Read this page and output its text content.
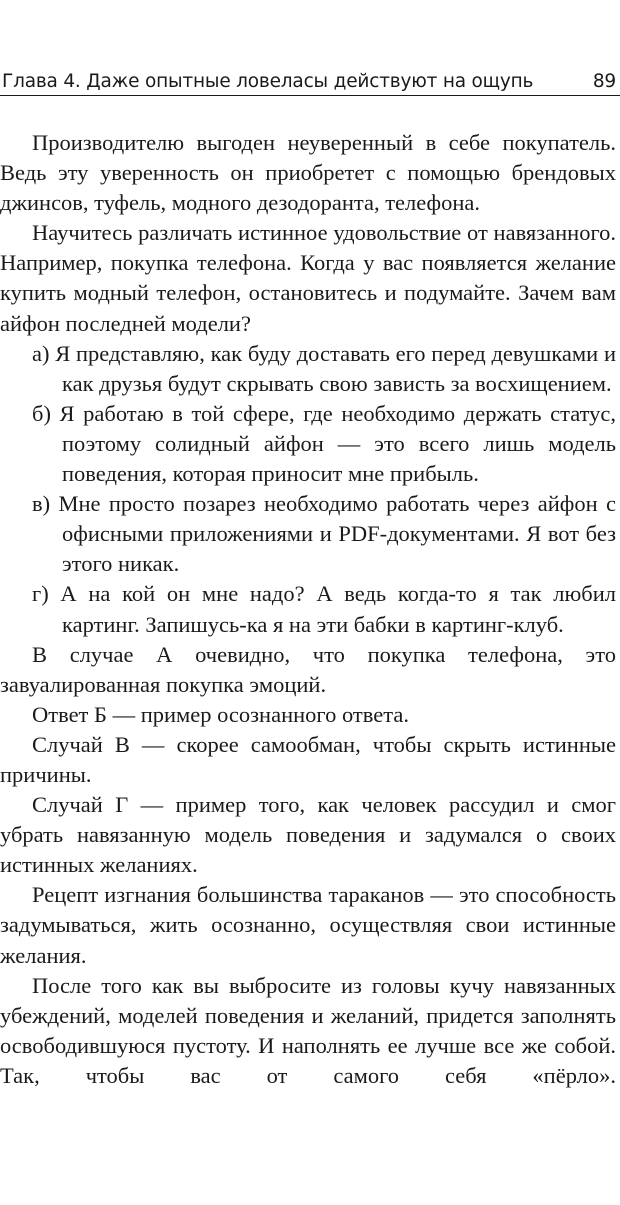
Глава 4. Даже опытные ловеласы действуют на ощупь	89

Производителю выгоден неуверенный в себе покупатель. Ведь эту уверенность он приобретет с помощью брендовых джинсов, туфель, модного дезодоранта, телефона.

Научитесь различать истинное удовольствие от навязанного. Например, покупка телефона. Когда у вас появляется желание купить модный телефон, остановитесь и подумайте. Зачем вам айфон последней модели?

а) Я представляю, как буду доставать его перед девушками и как друзья будут скрывать свою зависть за восхищением.

б) Я работаю в той сфере, где необходимо держать статус, поэтому солидный айфон — это всего лишь модель поведения, которая приносит мне прибыль.

в) Мне просто позарез необходимо работать через айфон с офисными приложениями и PDF-документами. Я вот без этого никак.

г) А на кой он мне надо? А ведь когда-то я так любил картинг. Запишусь-ка я на эти бабки в картинг-клуб.

В случае А очевидно, что покупка телефона, это завуалированная покупка эмоций.

Ответ Б — пример осознанного ответа.

Случай В — скорее самообман, чтобы скрыть истинные причины.

Случай Г — пример того, как человек рассудил и смог убрать навязанную модель поведения и задумался о своих истинных желаниях.

Рецепт изгнания большинства тараканов — это способность задумываться, жить осознанно, осуществляя свои истинные желания.

После того как вы выбросите из головы кучу навязанных убеждений, моделей поведения и желаний, придется заполнять освободившуюся пустоту. И наполнять ее лучше все же собой. Так, чтобы вас от самого себя «пёрло».
